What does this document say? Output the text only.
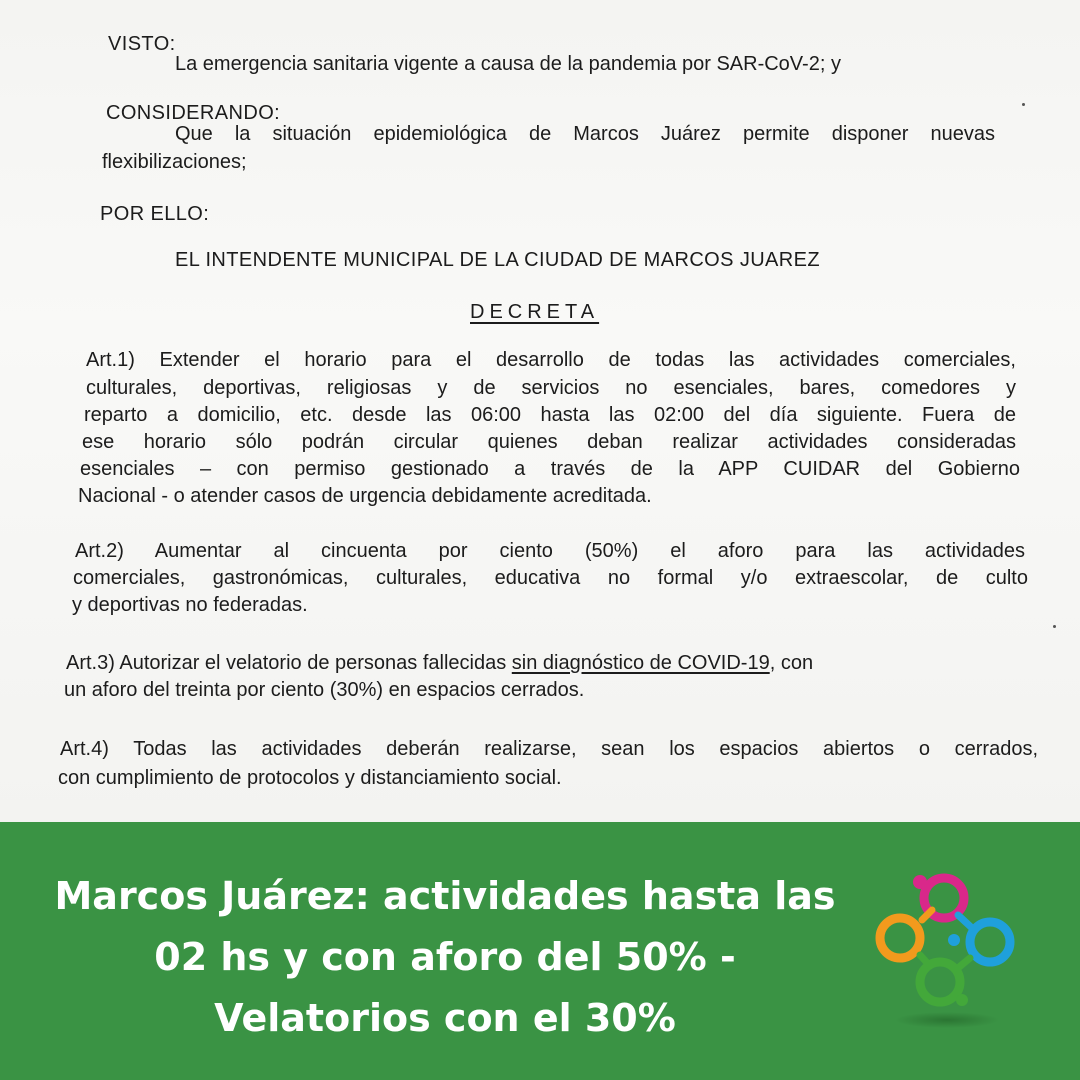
VISTO:
La emergencia sanitaria vigente a causa de la pandemia por SAR-CoV-2; y
CONSIDERANDO:
Que la situación epidemiológica de Marcos Juárez permite disponer nuevas
flexibilizaciones;
POR ELLO:
EL INTENDENTE MUNICIPAL DE LA CIUDAD DE MARCOS JUAREZ
DECRETA
Art.1) Extender el horario para el desarrollo de todas las actividades comerciales,
culturales, deportivas, religiosas y de servicios no esenciales, bares, comedores y
reparto a domicilio, etc. desde las 06:00 hasta las 02:00 del día siguiente. Fuera de
ese horario sólo podrán circular quienes deban realizar actividades consideradas
esenciales – con permiso gestionado a través de la APP CUIDAR del Gobierno
Nacional - o atender casos de urgencia debidamente acreditada.
Art.2) Aumentar al cincuenta por ciento (50%) el aforo para las actividades
comerciales, gastronómicas, culturales, educativa no formal y/o extraescolar, de culto
y deportivas no federadas.
Art.3) Autorizar el velatorio de personas fallecidas sin diagnóstico de COVID-19, con
un aforo del treinta por ciento (30%) en espacios cerrados.
Art.4) Todas las actividades deberán realizarse, sean los espacios abiertos o cerrados,
con cumplimiento de protocolos y distanciamiento social.
Marcos Juárez: actividades hasta las
02 hs y con aforo del 50% -
Velatorios con el 30%
